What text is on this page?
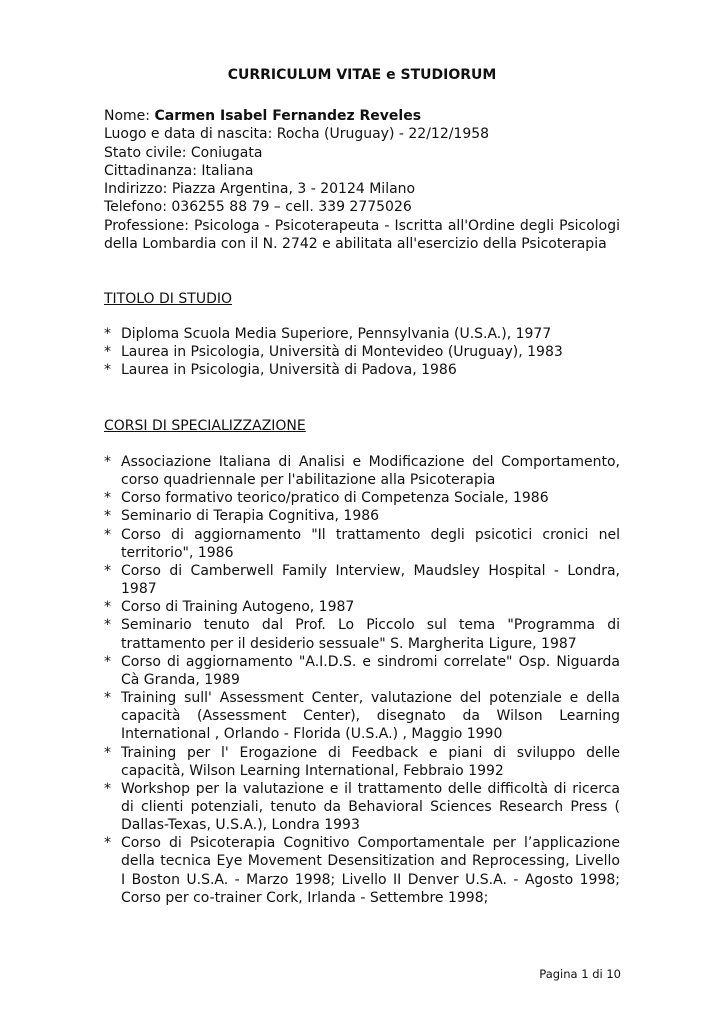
CURRICULUM VITAE e STUDIORUM
Nome: Carmen Isabel Fernandez Reveles
Luogo e data di nascita: Rocha (Uruguay) - 22/12/1958
Stato civile: Coniugata
Cittadinanza: Italiana
Indirizzo: Piazza Argentina, 3 - 20124 Milano
Telefono: 036255 88 79 – cell. 339 2775026
Professione: Psicologa - Psicoterapeuta - Iscritta all'Ordine degli Psicologi della Lombardia con il N. 2742 e abilitata all'esercizio della Psicoterapia
TITOLO DI STUDIO
* Diploma Scuola Media Superiore, Pennsylvania (U.S.A.), 1977
* Laurea in Psicologia, Università di Montevideo (Uruguay), 1983
* Laurea in Psicologia, Università di Padova, 1986
CORSI DI SPECIALIZZAZIONE
* Associazione Italiana di Analisi e Modificazione del Comportamento, corso quadriennale per l'abilitazione alla Psicoterapia
* Corso formativo teorico/pratico di Competenza Sociale, 1986
* Seminario di Terapia Cognitiva, 1986
* Corso di aggiornamento "Il trattamento degli psicotici cronici nel territorio", 1986
* Corso di Camberwell Family Interview, Maudsley Hospital - Londra, 1987
* Corso di Training Autogeno, 1987
* Seminario tenuto dal Prof. Lo Piccolo sul tema "Programma di trattamento per il desiderio sessuale" S. Margherita Ligure, 1987
* Corso di aggiornamento "A.I.D.S. e sindromi correlate" Osp. Niguarda Cà Granda, 1989
* Training sull' Assessment Center, valutazione del potenziale e della capacità (Assessment Center), disegnato da Wilson Learning International , Orlando - Florida (U.S.A.) , Maggio 1990
* Training per l' Erogazione di Feedback e piani di sviluppo delle capacità, Wilson Learning International, Febbraio 1992
* Workshop per la valutazione e il trattamento delle difficoltà di ricerca di clienti potenziali, tenuto da Behavioral Sciences Research Press ( Dallas-Texas, U.S.A.), Londra 1993
* Corso di Psicoterapia Cognitivo Comportamentale per l’applicazione della tecnica Eye Movement Desensitization and Reprocessing, Livello I Boston U.S.A. - Marzo 1998; Livello II Denver U.S.A. - Agosto 1998; Corso per co-trainer Cork, Irlanda - Settembre 1998;
Pagina 1 di 10
